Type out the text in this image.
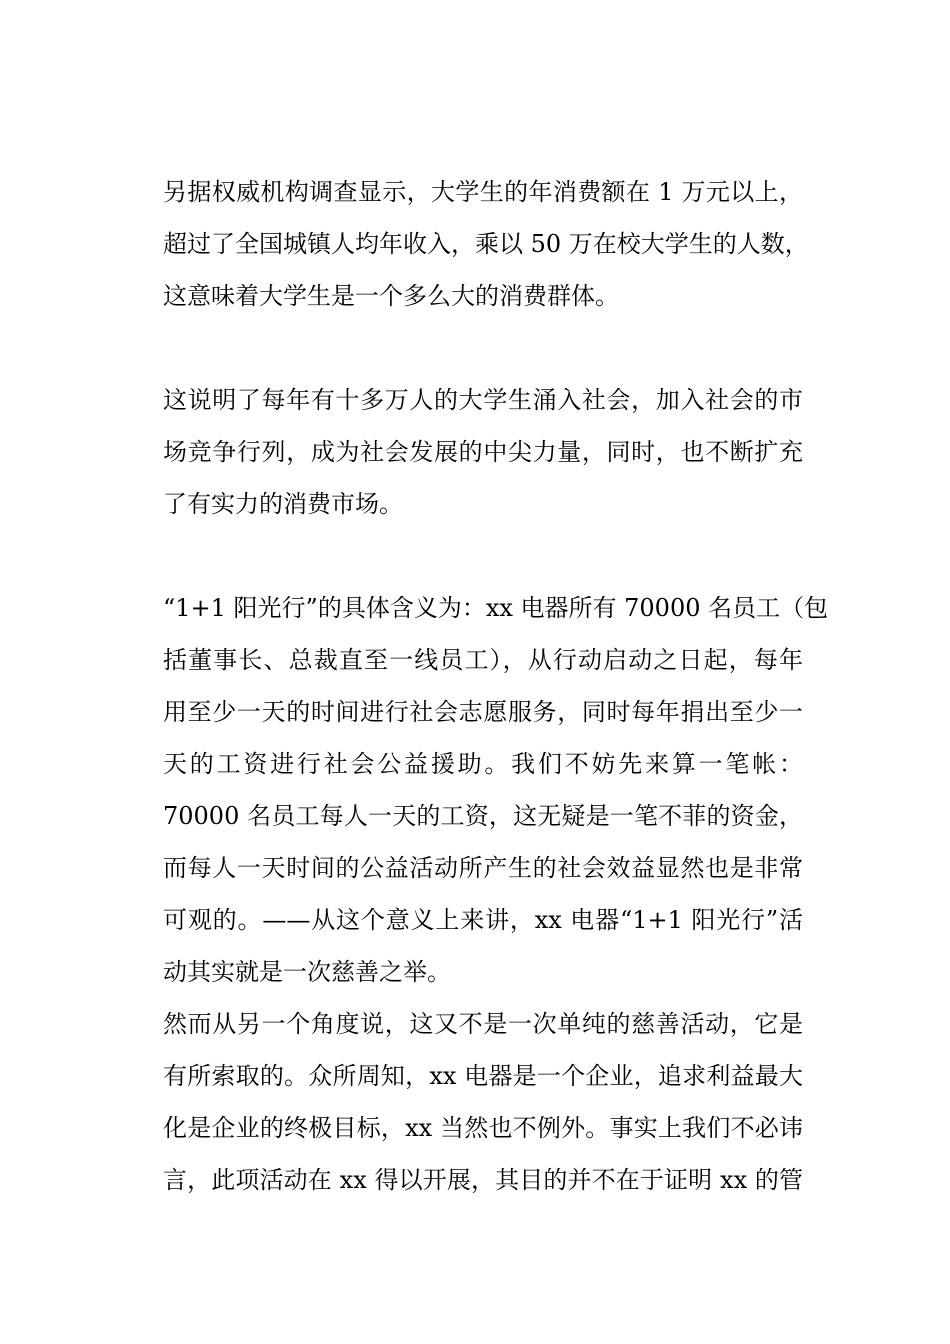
另据权威机构调查显示，大学生的年消费额在 1 万元以上，
超过了全国城镇人均年收入，乘以 50 万在校大学生的人数，
这意味着大学生是一个多么大的消费群体。
这说明了每年有十多万人的大学生涌入社会，加入社会的市
场竞争行列，成为社会发展的中尖力量，同时，也不断扩充
了有实力的消费市场。
“1+1 阳光行”的具体含义为：xx 电器所有 70000 名员工（包
括董事长、总裁直至一线员工），从行动启动之日起，每年
用至少一天的时间进行社会志愿服务，同时每年捐出至少一
天的工资进行社会公益援助。我们不妨先来算一笔帐：
70000 名员工每人一天的工资，这无疑是一笔不菲的资金，
而每人一天时间的公益活动所产生的社会效益显然也是非常
可观的。——从这个意义上来讲，xx 电器“1+1 阳光行”活
动其实就是一次慈善之举。
然而从另一个角度说，这又不是一次单纯的慈善活动，它是
有所索取的。众所周知，xx 电器是一个企业，追求利益最大
化是企业的终极目标，xx 当然也不例外。事实上我们不必讳
言，此项活动在 xx 得以开展，其目的并不在于证明 xx 的管
